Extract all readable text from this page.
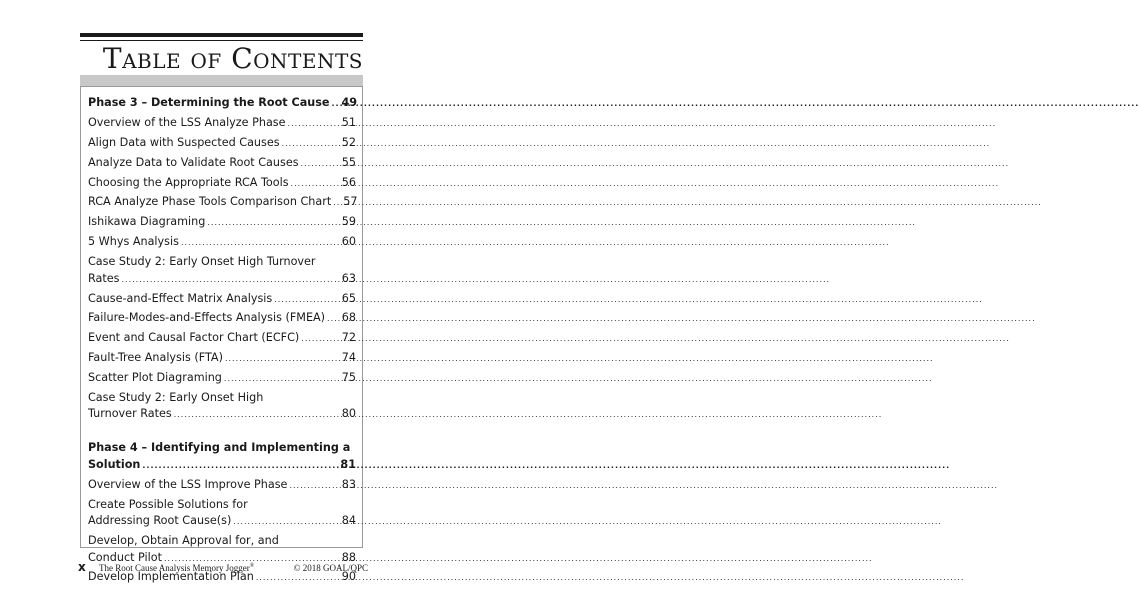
Table of Contents
Phase 3 – Determining the Root Cause ..... 49
Overview of the LSS Analyze Phase .....	51
Align Data with Suspected Causes .....	52
Analyze Data to Validate Root Causes .....	55
Choosing the Appropriate RCA Tools .....	56
RCA Analyze Phase Tools Comparison Chart ..... 57
Ishikawa Diagraming .....	59
5 Whys Analysis .....	60
Case Study 2: Early Onset High Turnover
Rates .....	63
Cause-and-Effect Matrix Analysis .....	65
Failure-Modes-and-Effects Analysis (FMEA) ..... 68
Event and Causal Factor Chart (ECFC) .....	72
Fault-Tree Analysis (FTA) .....	74
Scatter Plot Diagraming .....	75
Case Study 2: Early Onset High
Turnover Rates .....	80
Phase 4 – Identifying and Implementing a
Solution .....	81
Overview of the LSS Improve Phase .....	83
Create Possible Solutions for
Addressing Root Cause(s) .....	84
Develop, Obtain Approval for, and
Conduct Pilot .....	88
Develop Implementation Plan .....	90
x The Root Cause Analysis Memory Jogger®	© 2018 GOAL/QPC
